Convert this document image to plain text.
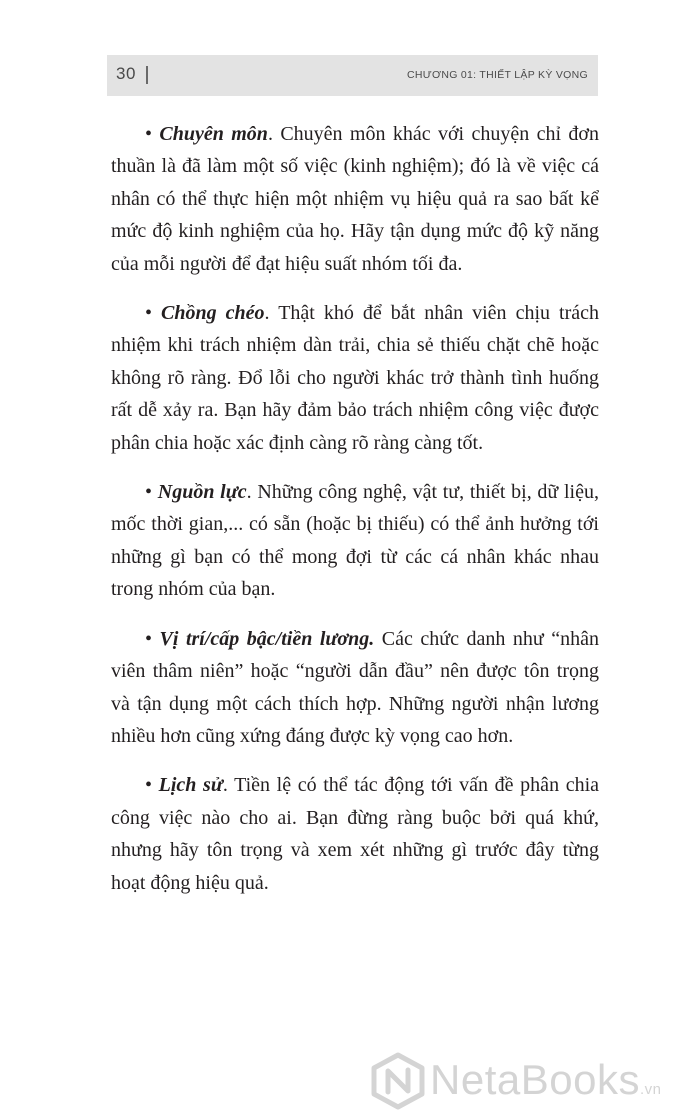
30	CHƯƠNG 01: THIẾT LẬP KỲ VỌNG

• Chuyên môn. Chuyên môn khác với chuyện chỉ đơn thuần là đã làm một số việc (kinh nghiệm); đó là về việc cá nhân có thể thực hiện một nhiệm vụ hiệu quả ra sao bất kể mức độ kinh nghiệm của họ. Hãy tận dụng mức độ kỹ năng của mỗi người để đạt hiệu suất nhóm tối đa.

• Chồng chéo. Thật khó để bắt nhân viên chịu trách nhiệm khi trách nhiệm dàn trải, chia sẻ thiếu chặt chẽ hoặc không rõ ràng. Đổ lỗi cho người khác trở thành tình huống rất dễ xảy ra. Bạn hãy đảm bảo trách nhiệm công việc được phân chia hoặc xác định càng rõ ràng càng tốt.

• Nguồn lực. Những công nghệ, vật tư, thiết bị, dữ liệu, mốc thời gian,... có sẵn (hoặc bị thiếu) có thể ảnh hưởng tới những gì bạn có thể mong đợi từ các cá nhân khác nhau trong nhóm của bạn.

• Vị trí/cấp bậc/tiền lương. Các chức danh như “nhân viên thâm niên” hoặc “người dẫn đầu” nên được tôn trọng và tận dụng một cách thích hợp. Những người nhận lương nhiều hơn cũng xứng đáng được kỳ vọng cao hơn.

• Lịch sử. Tiền lệ có thể tác động tới vấn đề phân chia công việc nào cho ai. Bạn đừng ràng buộc bởi quá khứ, nhưng hãy tôn trọng và xem xét những gì trước đây từng hoạt động hiệu quả.

NetaBooks.vn
